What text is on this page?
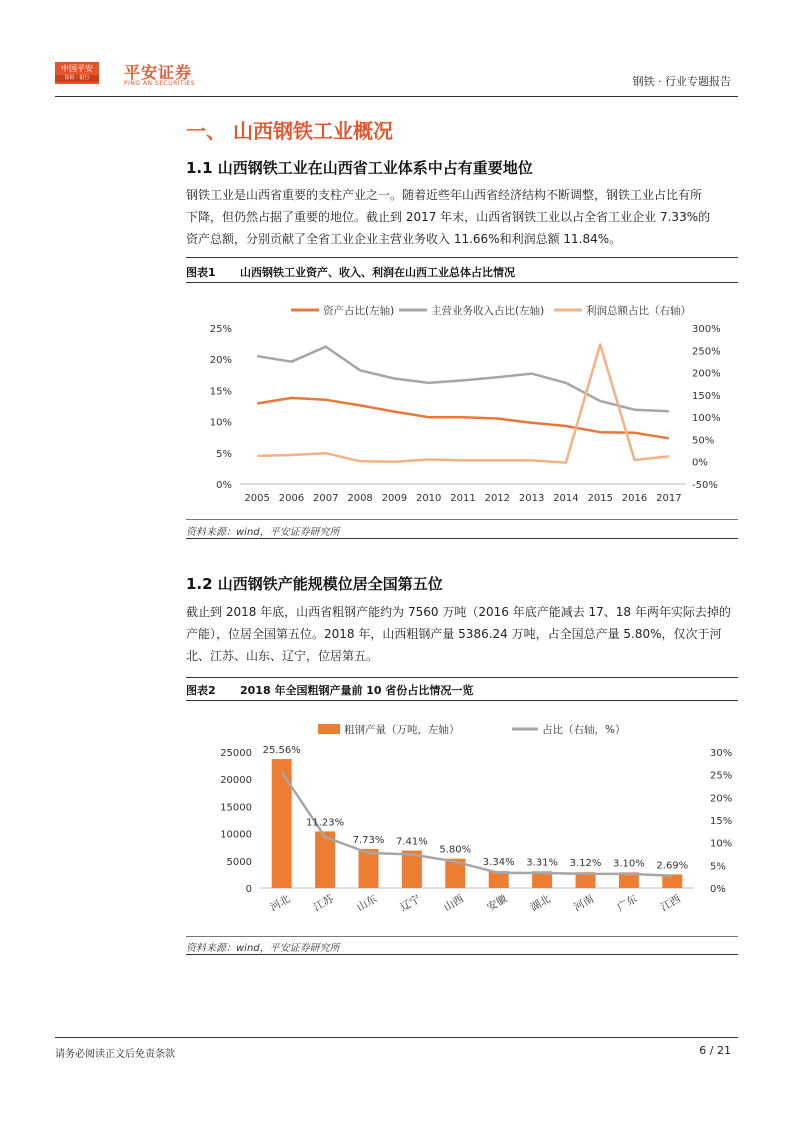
中国平安
保险 · 银行	平安证券
PING AN SECURITIES	钢铁 · 行业专题报告
一、 山西钢铁工业概况
1.1 山西钢铁工业在山西省工业体系中占有重要地位
钢铁工业是山西省重要的支柱产业之一。随着近些年山西省经济结构不断调整，钢铁工业占比有所
下降，但仍然占据了重要的地位。截止到 2017 年末，山西省钢铁工业以占全省工业企业 7.33%的
资产总额，分别贡献了全省工业企业主营业务收入 11.66%和利润总额 11.84%。
图表1 山西钢铁工业资产、收入、利润在山西工业总体占比情况
资产占比(左轴)	主营业务收入占比(左轴)	利润总额占比（右轴）
0%
5%
10%
15%
20%
25%
-50%
0%
50%
100%
150%
200%
250%
300%
2005 2006 2007 2008 2009 2010 2011 2012 2013 2014 2015 2016 2017
资料来源：wind，平安证券研究所
1.2 山西钢铁产能规模位居全国第五位
截止到 2018 年底，山西省粗钢产能约为 7560 万吨（2016 年底产能减去 17、18 年两年实际去掉的
产能），位居全国第五位。2018 年，山西粗钢产量 5386.24 万吨，占全国总产量 5.80%，仅次于河
北、江苏、山东、辽宁，位居第五。
图表2 2018 年全国粗钢产量前 10 省份占比情况一览
粗钢产量（万吨，左轴）	占比（右轴，%）
0
5000
10000
15000
20000
25000
0%
5%
10%
15%
20%
25%
30%
25.56%
11.23%
7.73% 7.41%
5.80%
3.34% 3.31% 3.12% 3.10% 2.69%
河北 江苏 山东 辽宁 山西 安徽 湖北 河南 广东 江西
资料来源：wind，平安证券研究所
请务必阅读正文后免责条款	6 / 21
